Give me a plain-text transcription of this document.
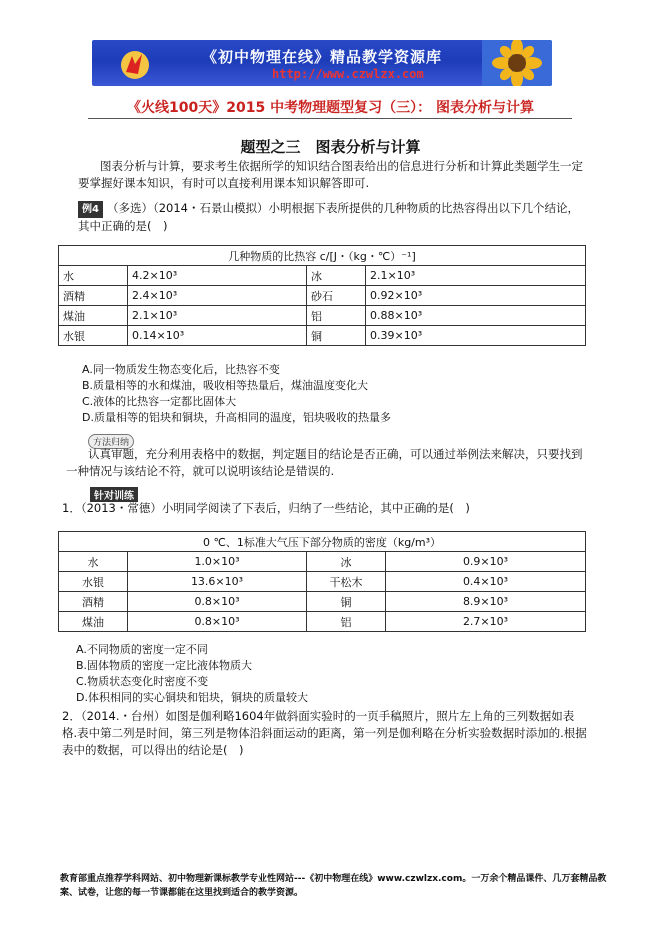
《初中物理在线》精品教学资源库
http://www.czwlzx.com
《火线100天》2015 中考物理题型复习（三）： 图表分析与计算
题型之三　图表分析与计算
图表分析与计算，要求考生依据所学的知识结合图表给出的信息进行分析和计算此类题学生一定要掌握好课本知识，有时可以直接利用课本知识解答即可.
例4 （多选）（2014・石景山模拟）小明根据下表所提供的几种物质的比热容得出以下几个结论，其中正确的是(　)
几种物质的比热容 c/[J・（kg・℃）⁻¹]			
水	4.2×10³	冰	2.1×10³
酒精	2.4×10³	砂石	0.92×10³
煤油	2.1×10³	铝	0.88×10³
水银	0.14×10³	铜	0.39×10³
A.同一物质发生物态变化后，比热容不变
B.质量相等的水和煤油，吸收相等热量后，煤油温度变化大
C.液体的比热容一定都比固体大
D.质量相等的铝块和铜块，升高相同的温度，铝块吸收的热量多
方法归纳
认真审题，充分利用表格中的数据，判定题目的结论是否正确，可以通过举例法来解决，只要找到一种情况与该结论不符，就可以说明该结论是错误的.
针对训练
1．（2013・常德）小明同学阅读了下表后，归纳了一些结论，其中正确的是(　)
0 ℃、1标准大气压下部分物质的密度（kg/m³）			
水	1.0×10³	冰	0.9×10³
水银	13.6×10³	干松木	0.4×10³
酒精	0.8×10³	铜	8.9×10³
煤油	0.8×10³	铝	2.7×10³
A.不同物质的密度一定不同
B.固体物质的密度一定比液体物质大
C.物质状态变化时密度不变
D.体积相同的实心铜块和铝块，铜块的质量较大
2．（2014.・台州）如图是伽利略1604年做斜面实验时的一页手稿照片，照片左上角的三列数据如表格.表中第二列是时间，第三列是物体沿斜面运动的距离，第一列是伽利略在分析实验数据时添加的.根据表中的数据，可以得出的结论是(　)
教育部重点推荐学科网站、初中物理新课标教学专业性网站---《初中物理在线》www.czwlzx.com。一万余个精品课件、几万套精品教案、试卷，让您的每一节课都能在这里找到适合的教学资源。
